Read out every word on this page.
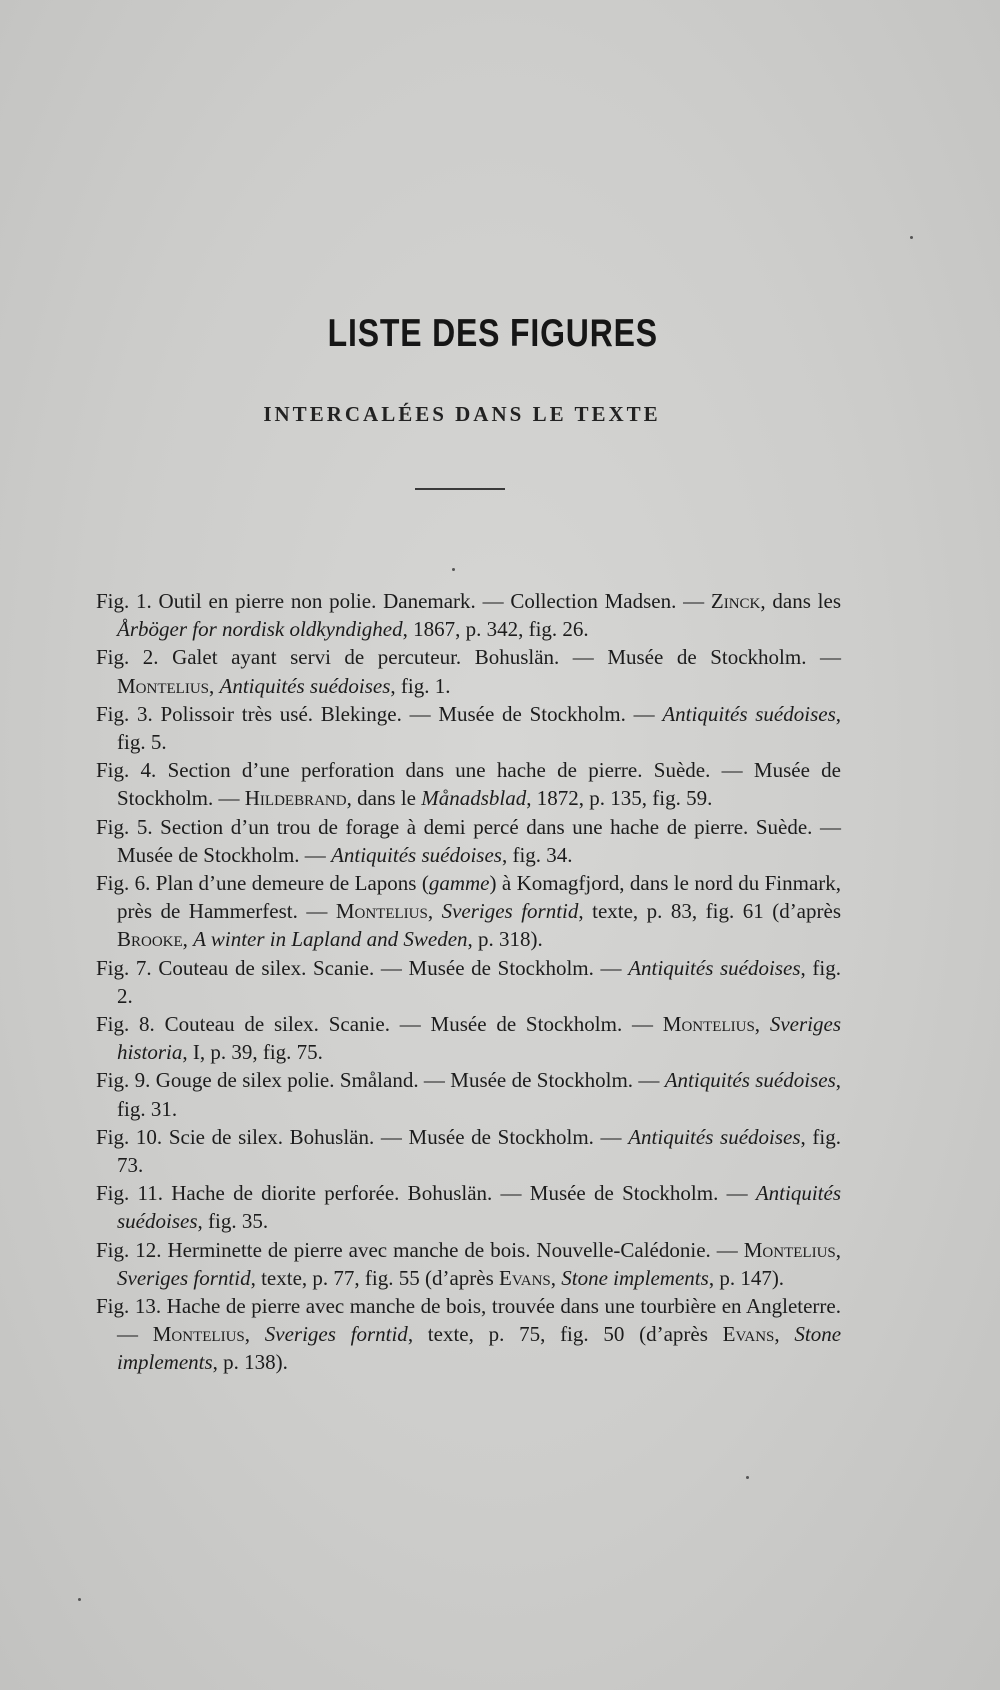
LISTE DES FIGURES
INTERCALÉES DANS LE TEXTE
Fig. 1. Outil en pierre non polie. Danemark. — Collection Madsen. — Zinck, dans les Årböger for nordisk oldkyndighed, 1867, p. 342, fig. 26.
Fig. 2. Galet ayant servi de percuteur. Bohuslän. — Musée de Stockholm. — Montelius, Antiquités suédoises, fig. 1.
Fig. 3. Polissoir très usé. Blekinge. — Musée de Stockholm. — Antiquités suédoises, fig. 5.
Fig. 4. Section d’une perforation dans une hache de pierre. Suède. — Musée de Stockholm. — Hildebrand, dans le Månadsblad, 1872, p. 135, fig. 59.
Fig. 5. Section d’un trou de forage à demi percé dans une hache de pierre. Suède. — Musée de Stockholm. — Antiquités suédoises, fig. 34.
Fig. 6. Plan d’une demeure de Lapons (gamme) à Komagfjord, dans le nord du Finmark, près de Hammerfest. — Montelius, Sveriges forntid, texte, p. 83, fig. 61 (d’après Brooke, A winter in Lapland and Sweden, p. 318).
Fig. 7. Couteau de silex. Scanie. — Musée de Stockholm. — Antiquités suédoises, fig. 2.
Fig. 8. Couteau de silex. Scanie. — Musée de Stockholm. — Montelius, Sveriges historia, I, p. 39, fig. 75.
Fig. 9. Gouge de silex polie. Småland. — Musée de Stockholm. — Antiquités suédoises, fig. 31.
Fig. 10. Scie de silex. Bohuslän. — Musée de Stockholm. — Antiquités suédoises, fig. 73.
Fig. 11. Hache de diorite perforée. Bohuslän. — Musée de Stockholm. — Antiquités suédoises, fig. 35.
Fig. 12. Herminette de pierre avec manche de bois. Nouvelle-Calédonie. — Montelius, Sveriges forntid, texte, p. 77, fig. 55 (d’après Evans, Stone implements, p. 147).
Fig. 13. Hache de pierre avec manche de bois, trouvée dans une tourbière en Angleterre. — Montelius, Sveriges forntid, texte, p. 75, fig. 50 (d’après Evans, Stone implements, p. 138).
